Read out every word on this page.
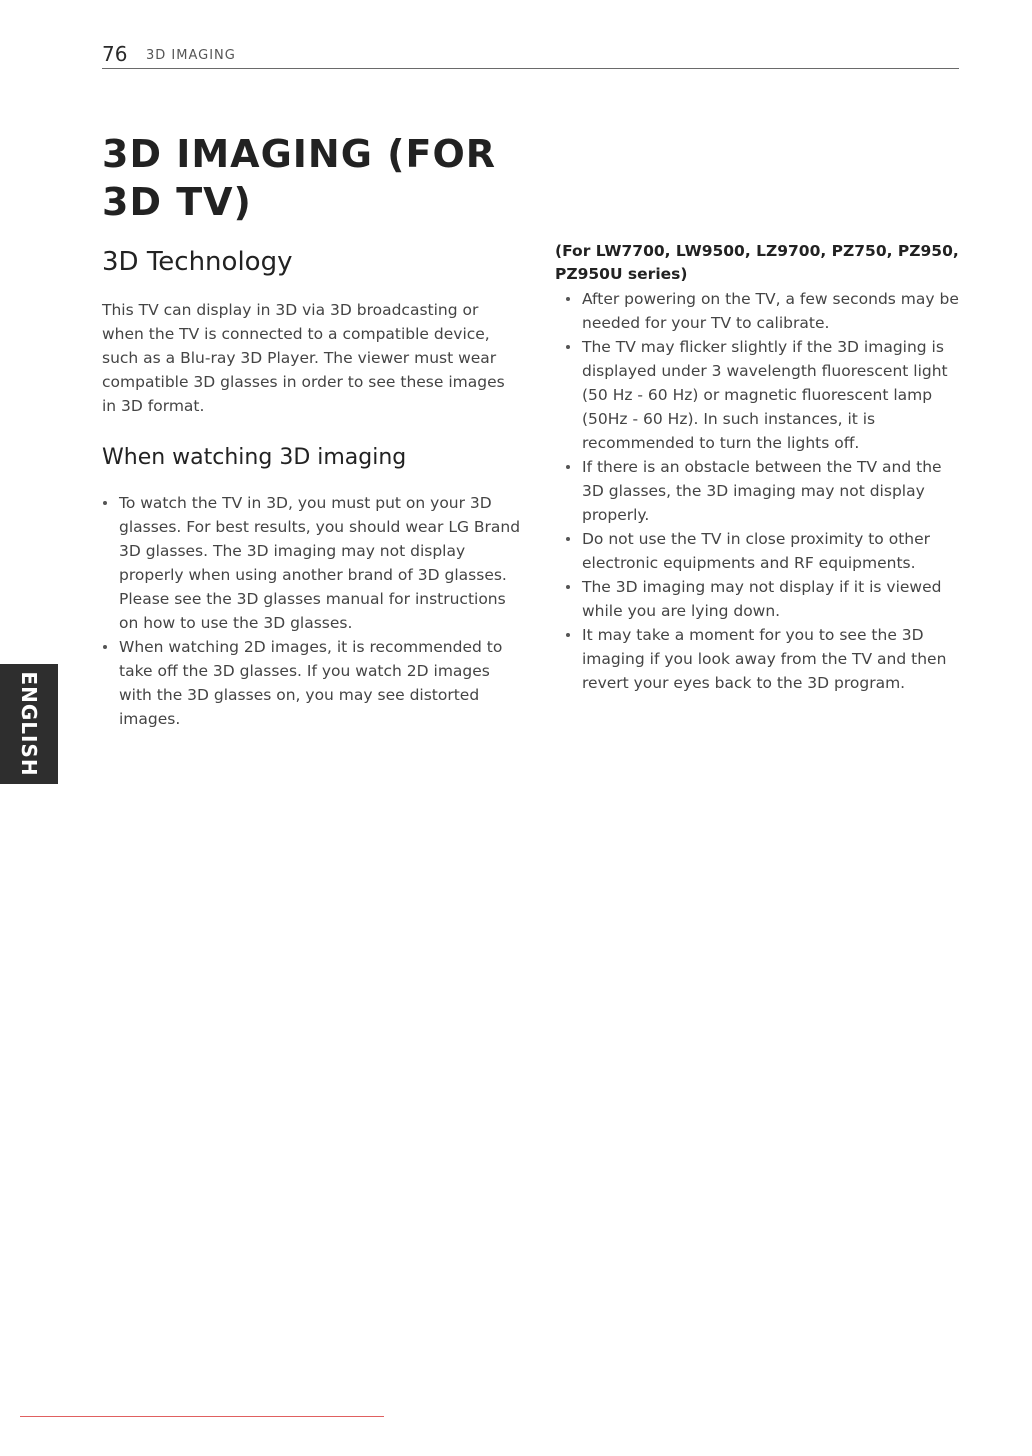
76 3D IMAGING
3D IMAGING (FOR 3D TV)
3D Technology

This TV can display in 3D via 3D broadcasting or when the TV is connected to a compatible device, such as a Blu-ray 3D Player. The viewer must wear compatible 3D glasses in order to see these images in 3D format.

When watching 3D imaging
To watch the TV in 3D, you must put on your 3D glasses. For best results, you should wear LG Brand 3D glasses. The 3D imaging may not display properly when using another brand of 3D glasses. Please see the 3D glasses manual for instructions on how to use the 3D glasses.
When watching 2D images, it is recommended to take off the 3D glasses. If you watch 2D images with the 3D glasses on, you may see distorted images.
(For LW7700, LW9500, LZ9700, PZ750, PZ950, PZ950U series)
After powering on the TV, a few seconds may be needed for your TV to calibrate.
The TV may flicker slightly if the 3D imaging is displayed under 3 wavelength fluorescent light (50 Hz - 60 Hz) or magnetic fluorescent lamp (50Hz - 60 Hz). In such instances, it is recommended to turn the lights off.
If there is an obstacle between the TV and the 3D glasses, the 3D imaging may not display properly.
Do not use the TV in close proximity to other electronic equipments and RF equipments.
The 3D imaging may not display if it is viewed while you are lying down.
It may take a moment for you to see the 3D imaging if you look away from the TV and then revert your eyes back to the 3D program.
ENGLISH
